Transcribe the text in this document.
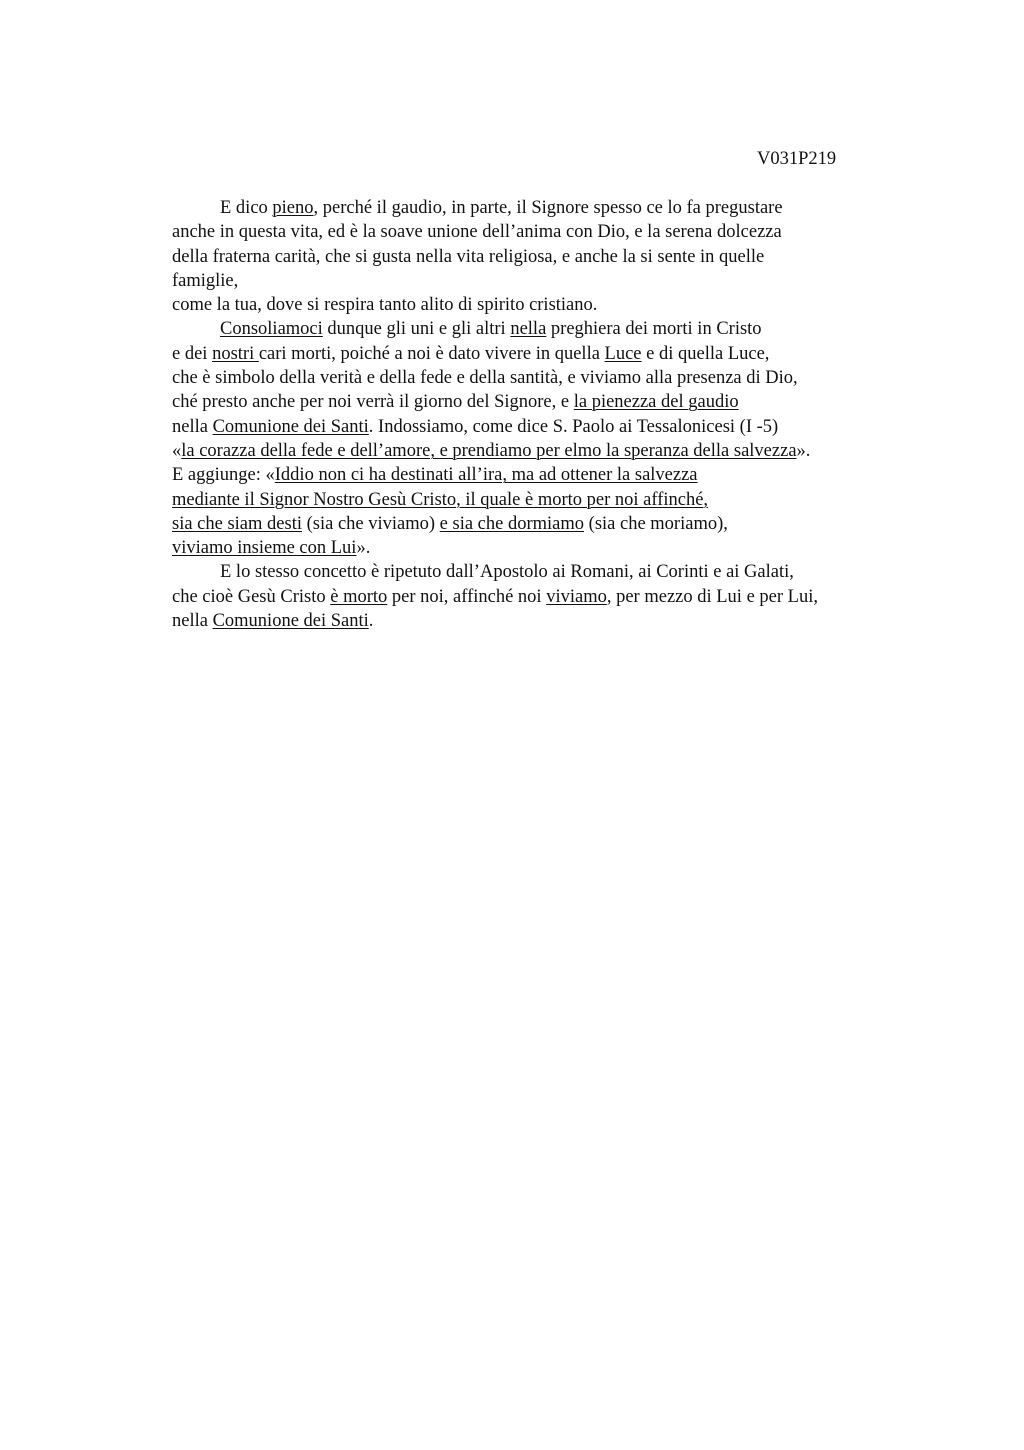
V031P219
E dico pieno, perché il gaudio, in parte, il Signore spesso ce lo fa pregustare
anche in questa vita, ed è la soave unione dell’anima con Dio, e la serena dolcezza
della fraterna carità, che si gusta nella vita religiosa, e anche la si sente in quelle
famiglie,
come la tua, dove si respira tanto alito di spirito cristiano.
Consoliamoci dunque gli uni e gli altri nella preghiera dei morti in Cristo
e dei nostri cari morti, poiché a noi è dato vivere in quella Luce e di quella Luce,
che è simbolo della verità e della fede e della santità, e viviamo alla presenza di Dio,
ché presto anche per noi verrà il giorno del Signore, e la pienezza del gaudio
nella Comunione dei Santi. Indossiamo, come dice S. Paolo ai Tessalonicesi (I -5)
«la corazza della fede e dell’amore, e prendiamo per elmo la speranza della salvezza».
E aggiunge: «Iddio non ci ha destinati all’ira, ma ad ottener la salvezza
mediante il Signor Nostro Gesù Cristo, il quale è morto per noi affinché,
sia che siam desti (sia che viviamo) e sia che dormiamo (sia che moriamo),
viviamo insieme con Lui».
E lo stesso concetto è ripetuto dall’Apostolo ai Romani, ai Corinti e ai Galati,
che cioè Gesù Cristo è morto per noi, affinché noi viviamo, per mezzo di Lui e per Lui,
nella Comunione dei Santi.
